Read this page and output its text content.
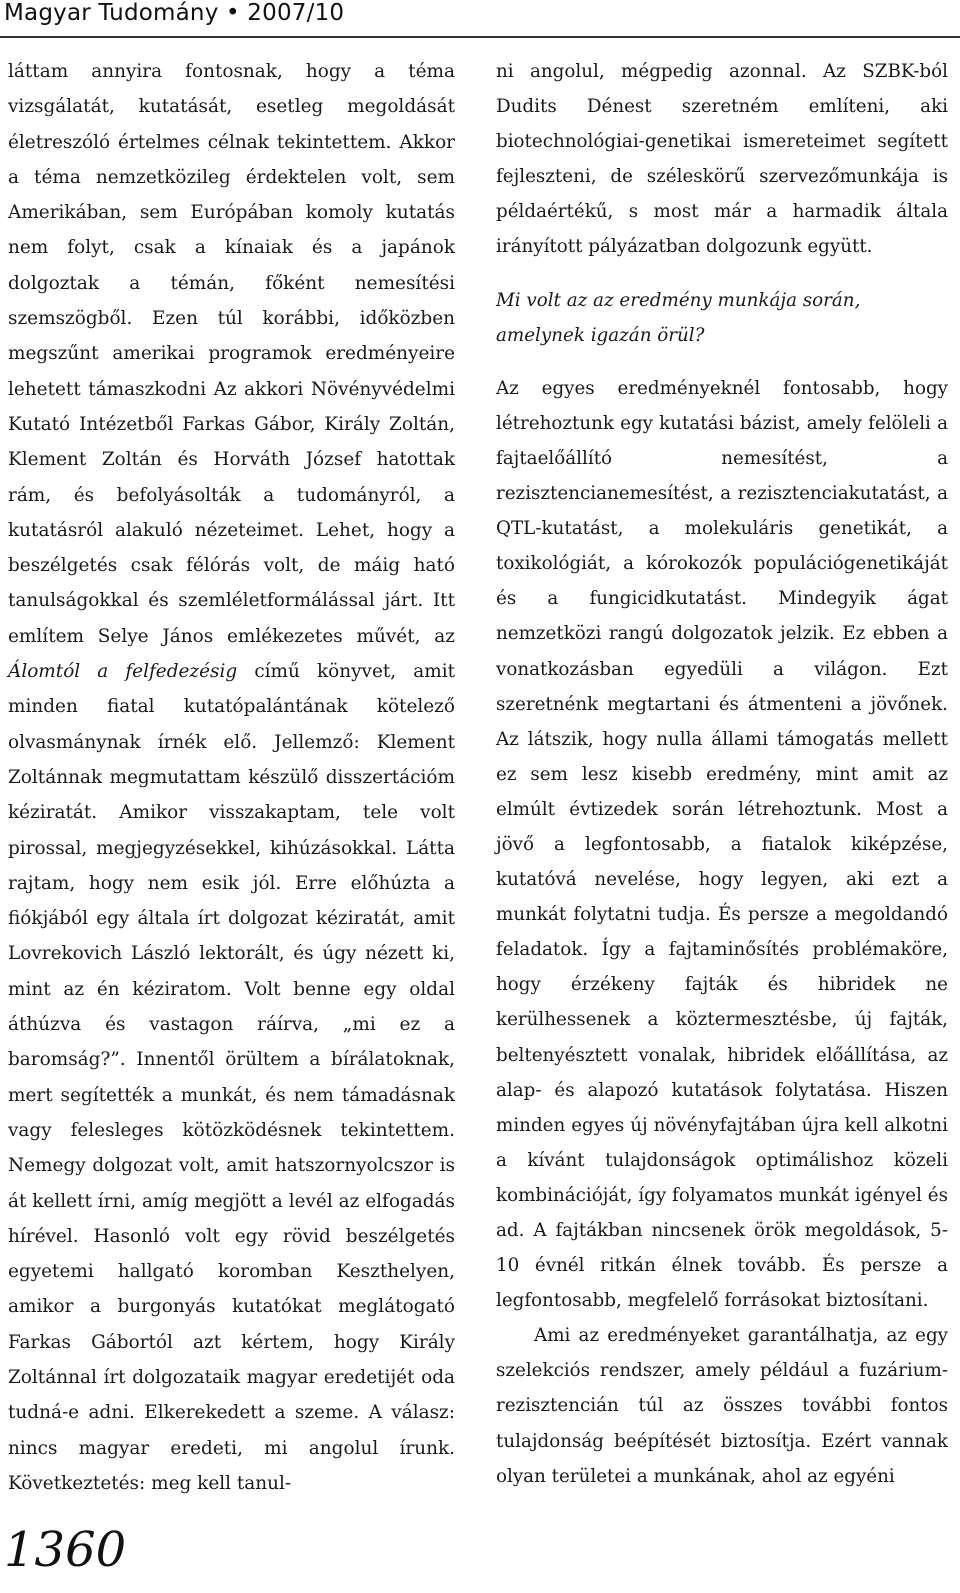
Magyar Tudomány • 2007/10

láttam annyira fontosnak, hogy a téma vizsgálatát, kutatását, esetleg megoldását életreszóló értelmes célnak tekintettem. Akkor a téma nemzetközileg érdektelen volt, sem Amerikában, sem Európában komoly kutatás nem folyt, csak a kínaiak és a japánok dolgoztak a témán, főként nemesítési szemszögből. Ezen túl korábbi, időközben megszűnt amerikai programok eredményeire lehetett támaszkodni Az akkori Növényvédelmi Kutató Intézetből Farkas Gábor, Király Zoltán, Klement Zoltán és Horváth József hatottak rám, és befolyásolták a tudományról, a kutatásról alakuló nézeteimet. Lehet, hogy a beszélgetés csak félórás volt, de máig ható tanulságokkal és szemléletformálással járt. Itt említem Selye János emlékezetes művét, az Álomtól a felfedezésig című könyvet, amit minden fiatal kutatópalántának kötelező olvasmánynak írnék elő. Jellemző: Klement Zoltánnak megmutattam készülő disszertációm kéziratát. Amikor visszakaptam, tele volt pirossal, megjegyzésekkel, kihúzásokkal. Látta rajtam, hogy nem esik jól. Erre előhúzta a fiókjából egy általa írt dolgozat kéziratát, amit Lovrekovich László lektorált, és úgy nézett ki, mint az én kéziratom. Volt benne egy oldal áthúzva és vastagon ráírva, „mi ez a baromság?”. Innentől örültem a bírálatoknak, mert segítették a munkát, és nem támadásnak vagy felesleges kötözködésnek tekintettem. Nemegy dolgozat volt, amit hatszornyolcszor is át kellett írni, amíg megjött a levél az elfogadás hírével. Hasonló volt egy rövid beszélgetés egyetemi hallgató koromban Keszthelyen, amikor a burgonyás kutatókat meglátogató Farkas Gábortól azt kértem, hogy Király Zoltánnal írt dolgozataik magyar eredetijét oda tudná-e adni. Elkerekedett a szeme. A válasz: nincs magyar eredeti, mi angolul írunk. Következtetés: meg kell tanul-

ni angolul, mégpedig azonnal. Az SZBK-ból Dudits Dénest szeretném említeni, aki biotechnológiai-genetikai ismereteimet segített fejleszteni, de széleskörű szervezőmunkája is példaértékű, s most már a harmadik általa irányított pályázatban dolgozunk együtt.

Mi volt az az eredmény munkája során, amelynek igazán örül?

Az egyes eredményeknél fontosabb, hogy létrehoztunk egy kutatási bázist, amely felöleli a fajtaelőállító nemesítést, a rezisztencianemesítést, a rezisztenciakutatást, a QTL-kutatást, a molekuláris genetikát, a toxikológiát, a kórokozók populációgenetikáját és a fungicidkutatást. Mindegyik ágat nemzetközi rangú dolgozatok jelzik. Ez ebben a vonatkozásban egyedüli a világon. Ezt szeretnénk megtartani és átmenteni a jövőnek. Az látszik, hogy nulla állami támogatás mellett ez sem lesz kisebb eredmény, mint amit az elmúlt évtizedek során létrehoztunk. Most a jövő a legfontosabb, a fiatalok kiképzése, kutatóvá nevelése, hogy legyen, aki ezt a munkát folytatni tudja. És persze a megoldandó feladatok. Így a fajtaminősítés problémaköre, hogy érzékeny fajták és hibridek ne kerülhessenek a köztermesztésbe, új fajták, beltenyésztett vonalak, hibridek előállítása, az alap- és alapozó kutatások folytatása. Hiszen minden egyes új növényfajtában újra kell alkotni a kívánt tulajdonságok optimálishoz közeli kombinációját, így folyamatos munkát igényel és ad. A fajtákban nincsenek örök megoldások, 5-10 évnél ritkán élnek tovább. És persze a legfontosabb, megfelelő forrásokat biztosítani.

Ami az eredményeket garantálhatja, az egy szelekciós rendszer, amely például a fuzárium-rezisztencián túl az összes további fontos tulajdonság beépítését biztosítja. Ezért vannak olyan területei a munkának, ahol az egyéni

1360
